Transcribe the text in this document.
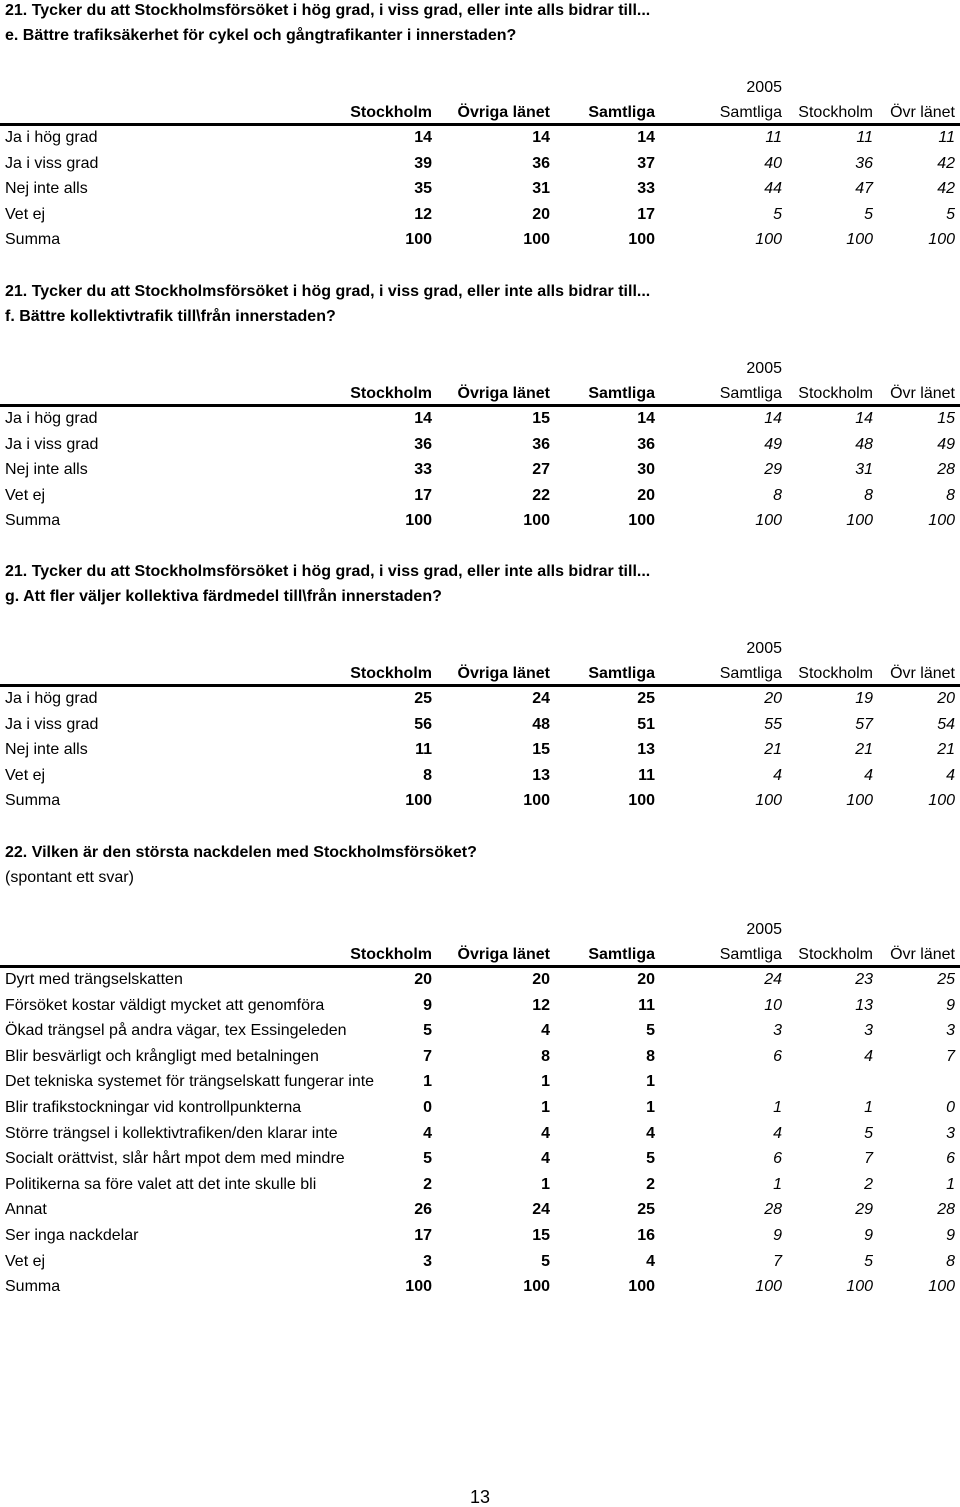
21. Tycker du att Stockholmsförsöket i hög grad, i viss grad, eller inte alls bidrar till...
e. Bättre trafiksäkerhet för cykel och gångtrafikanter i innerstaden?
2005
Stockholm	Övriga länet	Samtliga	Samtliga	Stockholm	Övr länet
Ja i hög grad	14	14	14	11	11	11
Ja i viss grad	39	36	37	40	36	42
Nej inte alls	35	31	33	44	47	42
Vet ej	12	20	17	5	5	5
Summa	100	100	100	100	100	100
21. Tycker du att Stockholmsförsöket i hög grad, i viss grad, eller inte alls bidrar till...
f. Bättre kollektivtrafik till\från innerstaden?
2005
Stockholm	Övriga länet	Samtliga	Samtliga	Stockholm	Övr länet
Ja i hög grad	14	15	14	14	14	15
Ja i viss grad	36	36	36	49	48	49
Nej inte alls	33	27	30	29	31	28
Vet ej	17	22	20	8	8	8
Summa	100	100	100	100	100	100
21. Tycker du att Stockholmsförsöket i hög grad, i viss grad, eller inte alls bidrar till...
g. Att fler väljer kollektiva färdmedel till\från innerstaden?
2005
Stockholm	Övriga länet	Samtliga	Samtliga	Stockholm	Övr länet
Ja i hög grad	25	24	25	20	19	20
Ja i viss grad	56	48	51	55	57	54
Nej inte alls	11	15	13	21	21	21
Vet ej	8	13	11	4	4	4
Summa	100	100	100	100	100	100
22. Vilken är den största nackdelen med Stockholmsförsöket?
(spontant ett svar)
2005
Stockholm	Övriga länet	Samtliga	Samtliga	Stockholm	Övr länet
Dyrt med trängselskatten	20	20	20	24	23	25
Försöket kostar väldigt mycket att genomföra	9	12	11	10	13	9
Ökad trängsel på andra vägar, tex Essingeleden	5	4	5	3	3	3
Blir besvärligt och krångligt med betalningen	7	8	8	6	4	7
Det tekniska systemet för trängselskatt fungerar inte	1	1	1
Blir trafikstockningar vid kontrollpunkterna	0	1	1	1	1	0
Större trängsel i kollektivtrafiken/den klarar inte	4	4	4	4	5	3
Socialt orättvist, slår hårt mpot dem med mindre	5	4	5	6	7	6
Politikerna sa före valet att det inte skulle bli	2	1	2	1	2	1
Annat	26	24	25	28	29	28
Ser inga nackdelar	17	15	16	9	9	9
Vet ej	3	5	4	7	5	8
Summa	100	100	100	100	100	100
13
